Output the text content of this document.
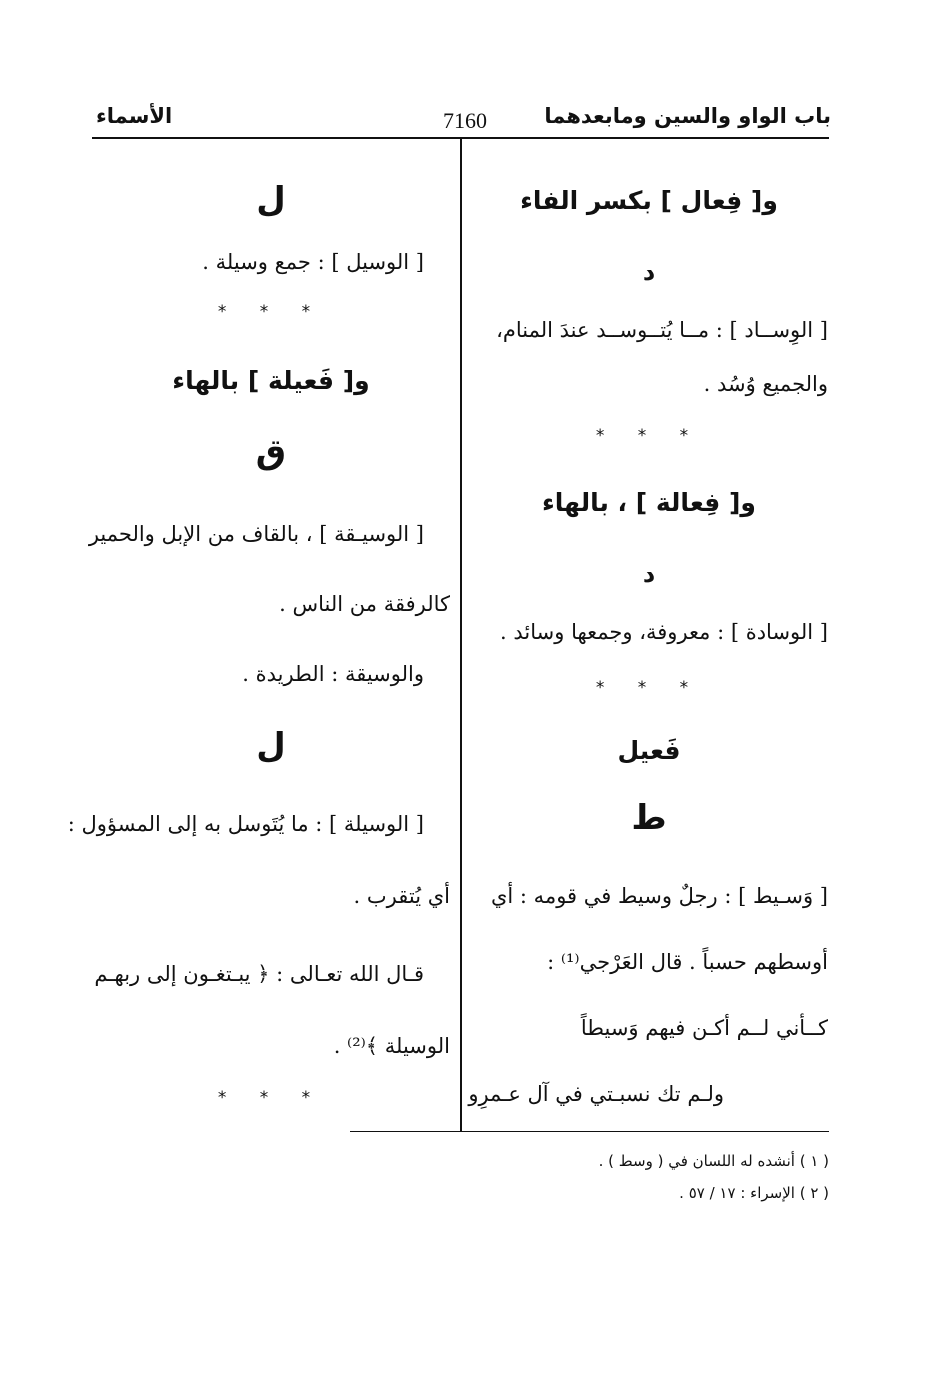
باب الواو والسين ومابعدهما
7160
الأسماء
و[ فِعال ] بكسر الفاء
د
[ الوِســاد ] : مــا يُتــوســد عندَ المنام،
والجميع وُسُد .
* * *
و[ فِعالة ] ، بالهاء
د
[ الوسادة ] : معروفة، وجمعها وسائد .
* * *
فَعيل
ط
[ وَسـيط ] : رجلٌ وسيط في قومه : أي
أوسطهم حسباً . قال العَرْجي⁽¹⁾ :
كــأني لــم أكـن فيهم وَسيطاً
ولـم تك نسبـتي في آل عـمرِو
ل
[ الوسيل ] : جمع وسيلة .
* * *
و[ فَعيلة ] بالهاء
ق
[ الوسيـقة ] ، بالقاف من الإبل والحمير
كالرفقة من الناس .
والوسيقة : الطريدة .
ل
[ الوسيلة ] : ما يُتَوسل به إلى المسؤول :
أي يُتقرب .
قـال الله تعـالى : ﴿ يبـتغـون إلى ربهـم
الوسيلة ﴾⁽²⁾ .
* * *
( ١ ) أنشده له اللسان في ( وسط ) .
( ٢ ) الإسراء : ١٧ / ٥٧ .
